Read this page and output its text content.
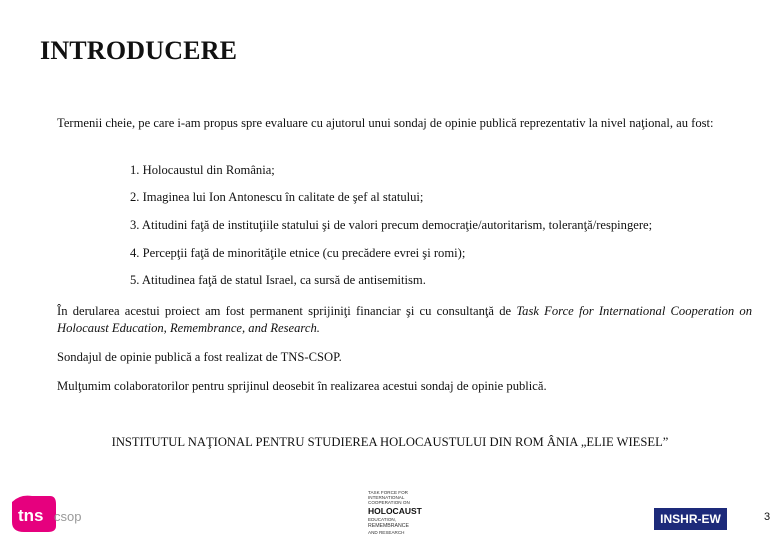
INTRODUCERE
Termenii cheie, pe care i-am propus spre evaluare cu ajutorul unui sondaj de opinie publică reprezentativ la nivel naţional, au fost:
1. Holocaustul din România;
2. Imaginea lui Ion Antonescu în calitate de şef al statului;
3. Atitudini faţă de instituţiile statului şi de valori precum democraţie/autoritarism, toleranţă/respingere;
4. Percepţii faţă de minorităţile etnice (cu precădere evrei şi romi);
5. Atitudinea faţă de statul Israel, ca sursă de antisemitism.
În derularea acestui proiect am fost permanent sprijiniţi financiar şi cu consultanţă de Task Force for International Cooperation on Holocaust Education, Remembrance, and Research.
Sondajul de opinie publică a fost realizat de TNS-CSOP.
Mulţumim colaboratorilor pentru sprijinul deosebit în realizarea acestui sondaj de opinie publică.
INSTITUTUL NAŢIONAL PENTRU STUDIEREA HOLOCAUSTULUI DIN ROM ÂNIA „ELIE WIESEL”
tns csop
TASK FORCE FOR
INTERNATIONAL
COOPERATION ON
HOLOCAUST
EDUCATION,
REMEMBRANCE
AND RESEARCH
INSHR-EW	3
